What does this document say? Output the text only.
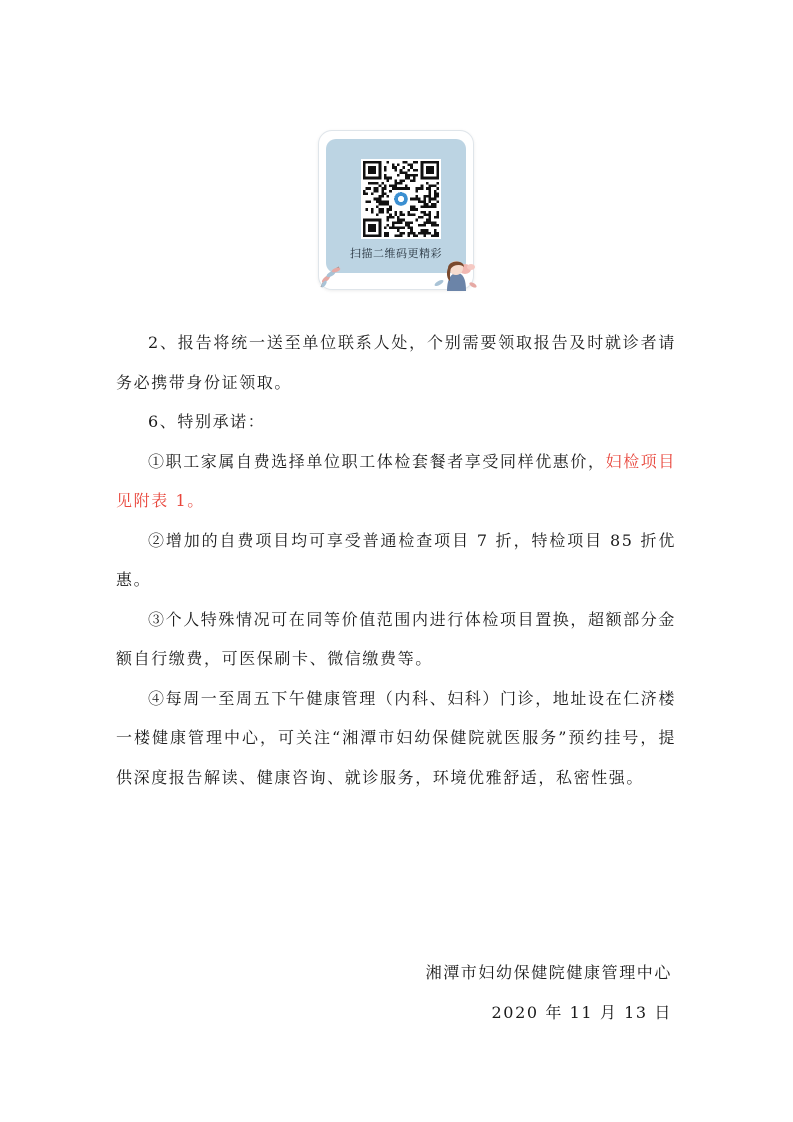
扫描二维码更精彩

2、报告将统一送至单位联系人处，个别需要领取报告及时就诊者请务必携带身份证领取。

6、特别承诺：

①职工家属自费选择单位职工体检套餐者享受同样优惠价，妇检项目见附表 1。

②增加的自费项目均可享受普通检查项目 7 折，特检项目 85 折优惠。

③个人特殊情况可在同等价值范围内进行体检项目置换，超额部分金额自行缴费，可医保刷卡、微信缴费等。

④每周一至周五下午健康管理（内科、妇科）门诊，地址设在仁济楼一楼健康管理中心，可关注“湘潭市妇幼保健院就医服务”预约挂号，提供深度报告解读、健康咨询、就诊服务，环境优雅舒适，私密性强。

湘潭市妇幼保健院健康管理中心
2020 年 11 月 13 日
